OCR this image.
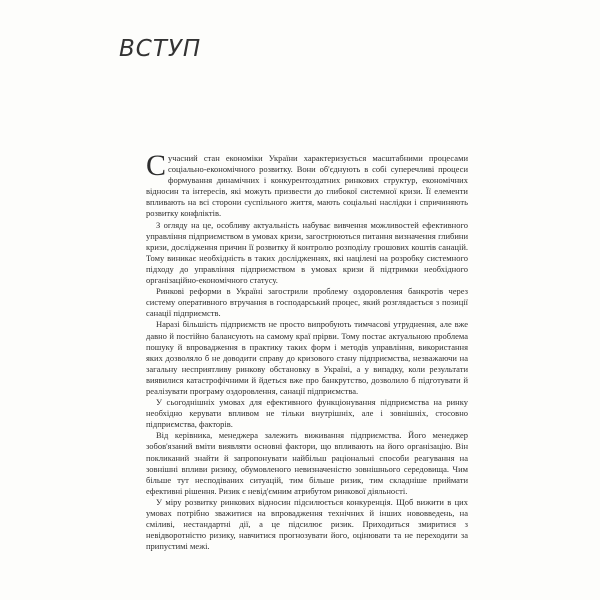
ВСТУП

Сучасний стан економіки України характеризується масштабними процесами соціально-економічного розвитку. Вони об'єднують в собі суперечливі процеси формування динамічних і конкурентоздатних ринкових структур, економічних відносин та інтересів, які можуть призвести до глибокої системної кризи. Її елементи впливають на всі сторони суспільного життя, мають соціальні наслідки і спричиняють розвитку конфліктів.

З огляду на це, особливу актуальність набуває вивчення можливостей ефективного управління підприємством в умовах кризи, загострюються питання визначення глибини кризи, дослідження причин її розвитку й контролю розподілу грошових коштів санацій. Тому виникає необхідність в таких дослідженнях, які націлені на розробку системного підходу до управління підприємством в умовах кризи й підтримки необхідного організаційно-економічного статусу.

Ринкові реформи в Україні загострили проблему оздоровлення банкротів через систему оперативного втручання в господарський процес, який розглядається з позиції санації підприємств.

Наразі більшість підприємств не просто випробують тимчасові утруднення, але вже давно й постійно балансують на самому краї прірви. Тому постає актуальною проблема пошуку й впровадження в практику таких форм і методів управління, використання яких дозволяло б не доводити справу до кризового стану підприємства, незважаючи на загальну несприятливу ринкову обстановку в Україні, а у випадку, коли результати виявилися катастрофічними й йдеться вже про банкрутство, дозволило б підготувати й реалізувати програму оздоровлення, санації підприємства.

У сьогоднішніх умовах для ефективного функціонування підприємства на ринку необхідно керувати впливом не тільки внутрішніх, але і зовнішніх, стосовно підприємства, факторів.

Від керівника, менеджера залежить виживання підприємства. Його менеджер зобов'язаний вміти виявляти основні фактори, що впливають на його організацію. Він покликаний знайти й запропонувати найбільш раціональні способи реагування на зовнішні впливи ризику, обумовленого невизначеністю зовнішнього середовища. Чим більше тут несподіваних ситуацій, тим більше ризик, тим складніше приймати ефективні рішення. Ризик є невід'ємним атрибутом ринкової діяльності.

У міру розвитку ринкових відносин підсилюється конкуренція. Щоб вижити в цих умовах потрібно зважитися на впровадження технічних й інших нововведень, на сміливі, нестандартні дії, а це підсилює ризик. Приходиться змиритися з невідворотністю ризику, навчитися прогнозувати його, оцінювати та не переходити за припустимі межі.
